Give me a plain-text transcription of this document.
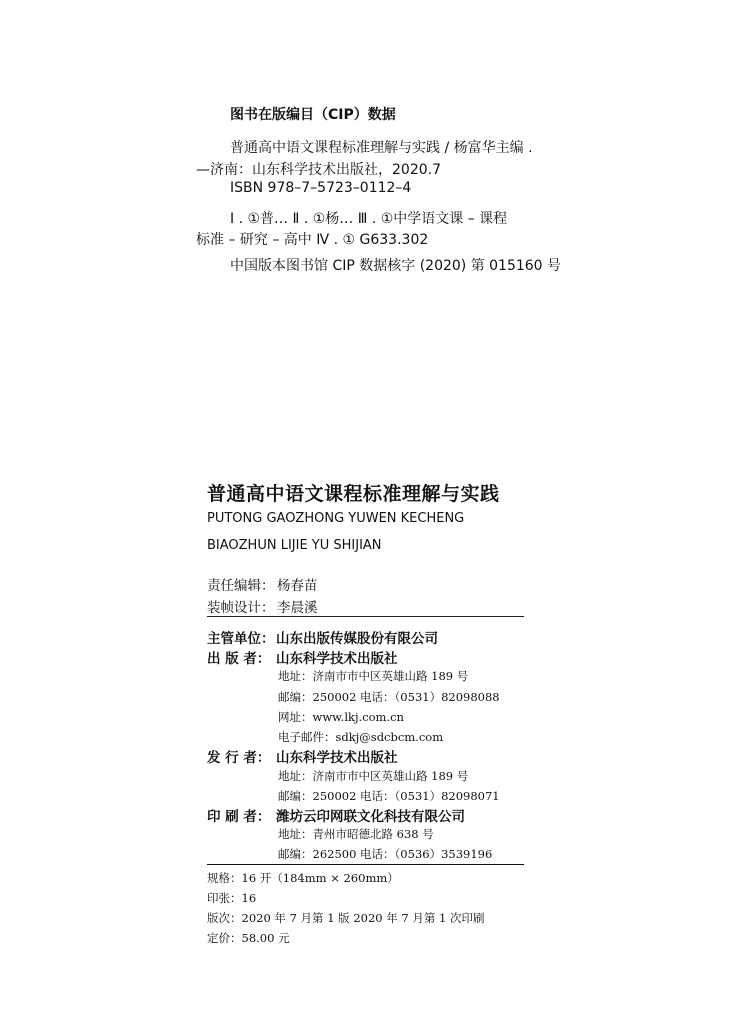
图书在版编目（CIP）数据
普通高中语文课程标准理解与实践 / 杨富华主编 .
—济南：山东科学技术出版社，2020.7
ISBN 978–7–5723–0112–4
Ⅰ . ①普… Ⅱ . ①杨… Ⅲ . ①中学语文课 – 课程
标准 – 研究 – 高中 Ⅳ . ① G633.302
中国版本图书馆 CIP 数据核字 (2020) 第 015160 号
普通高中语文课程标准理解与实践
PUTONG GAOZHONG YUWEN KECHENG
BIAOZHUN LIJIE YU SHIJIAN
责任编辑： 杨春苗
装帧设计： 李晨溪
主管单位： 山东出版传媒股份有限公司
出 版 者： 山东科学技术出版社
地址：济南市市中区英雄山路 189 号
邮编：250002 电话：（0531）82098088
网址：www.lkj.com.cn
电子邮件：sdkj@sdcbcm.com
发 行 者： 山东科学技术出版社
地址：济南市市中区英雄山路 189 号
邮编：250002 电话：（0531）82098071
印 刷 者： 潍坊云印网联文化科技有限公司
地址：青州市昭德北路 638 号
邮编：262500 电话：（0536）3539196
规格：16 开（184mm × 260mm）
印张：16
版次：2020 年 7 月第 1 版 2020 年 7 月第 1 次印刷
定价：58.00 元
